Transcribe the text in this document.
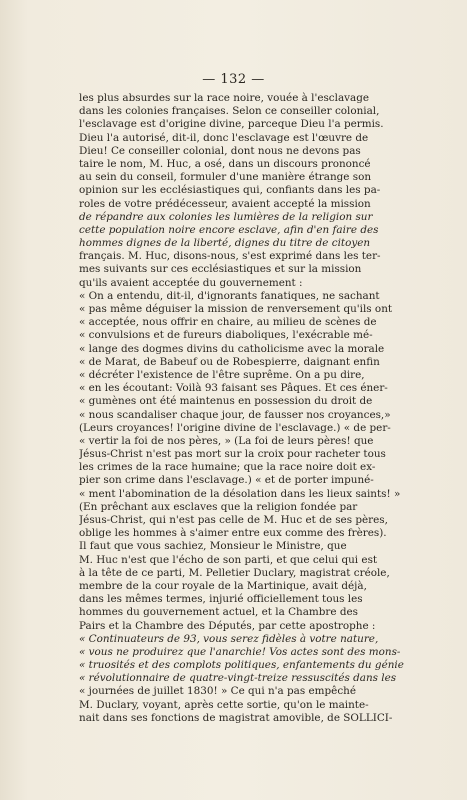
— 132 —
les plus absurdes sur la race noire, vouée à l'esclavage
dans les colonies françaises. Selon ce conseiller colonial,
l'esclavage est d'origine divine, parceque Dieu l'a permis.
Dieu l'a autorisé, dit-il, donc l'esclavage est l'œuvre de
Dieu! Ce conseiller colonial, dont nous ne devons pas
taire le nom, M. Huc, a osé, dans un discours prononcé
au sein du conseil, formuler d'une manière étrange son
opinion sur les ecclésiastiques qui, confiants dans les pa-
roles de votre prédécesseur, avaient accepté la mission
de répandre aux colonies les lumières de la religion sur
cette population noire encore esclave, afin d'en faire des
hommes dignes de la liberté, dignes du titre de citoyen
français. M. Huc, disons-nous, s'est exprimé dans les ter-
mes suivants sur ces ecclésiastiques et sur la mission
qu'ils avaient acceptée du gouvernement :
« On a entendu, dit-il, d'ignorants fanatiques, ne sachant
« pas même déguiser la mission de renversement qu'ils ont
« acceptée, nous offrir en chaire, au milieu de scènes de
« convulsions et de fureurs diaboliques, l'exécrable mé-
« lange des dogmes divins du catholicisme avec la morale
« de Marat, de Babeuf ou de Robespierre, daignant enfin
« décréter l'existence de l'être suprême. On a pu dire,
« en les écoutant: Voilà 93 faisant ses Pâques. Et ces éner-
« gumènes ont été maintenus en possession du droit de
« nous scandaliser chaque jour, de fausser nos croyances,»
(Leurs croyances! l'origine divine de l'esclavage.) « de per-
« vertir la foi de nos pères, » (La foi de leurs pères! que
Jésus-Christ n'est pas mort sur la croix pour racheter tous
les crimes de la race humaine; que la race noire doit ex-
pier son crime dans l'esclavage.) « et de porter impuné-
« ment l'abomination de la désolation dans les lieux saints! »
(En prêchant aux esclaves que la religion fondée par
Jésus-Christ, qui n'est pas celle de M. Huc et de ses pères,
oblige les hommes à s'aimer entre eux comme des frères).
Il faut que vous sachiez, Monsieur le Ministre, que
M. Huc n'est que l'écho de son parti, et que celui qui est
à la tête de ce parti, M. Pelletier Duclary, magistrat créole,
membre de la cour royale de la Martinique, avait déjà,
dans les mêmes termes, injurié officiellement tous les
hommes du gouvernement actuel, et la Chambre des
Pairs et la Chambre des Députés, par cette apostrophe :
« Continuateurs de 93, vous serez fidèles à votre nature,
« vous ne produirez que l'anarchie! Vos actes sont des mons-
« truosités et des complots politiques, enfantements du génie
« révolutionnaire de quatre-vingt-treize ressuscités dans les
« journées de juillet 1830! » Ce qui n'a pas empêché
M. Duclary, voyant, après cette sortie, qu'on le mainte-
nait dans ses fonctions de magistrat amovible, de SOLLICI-
